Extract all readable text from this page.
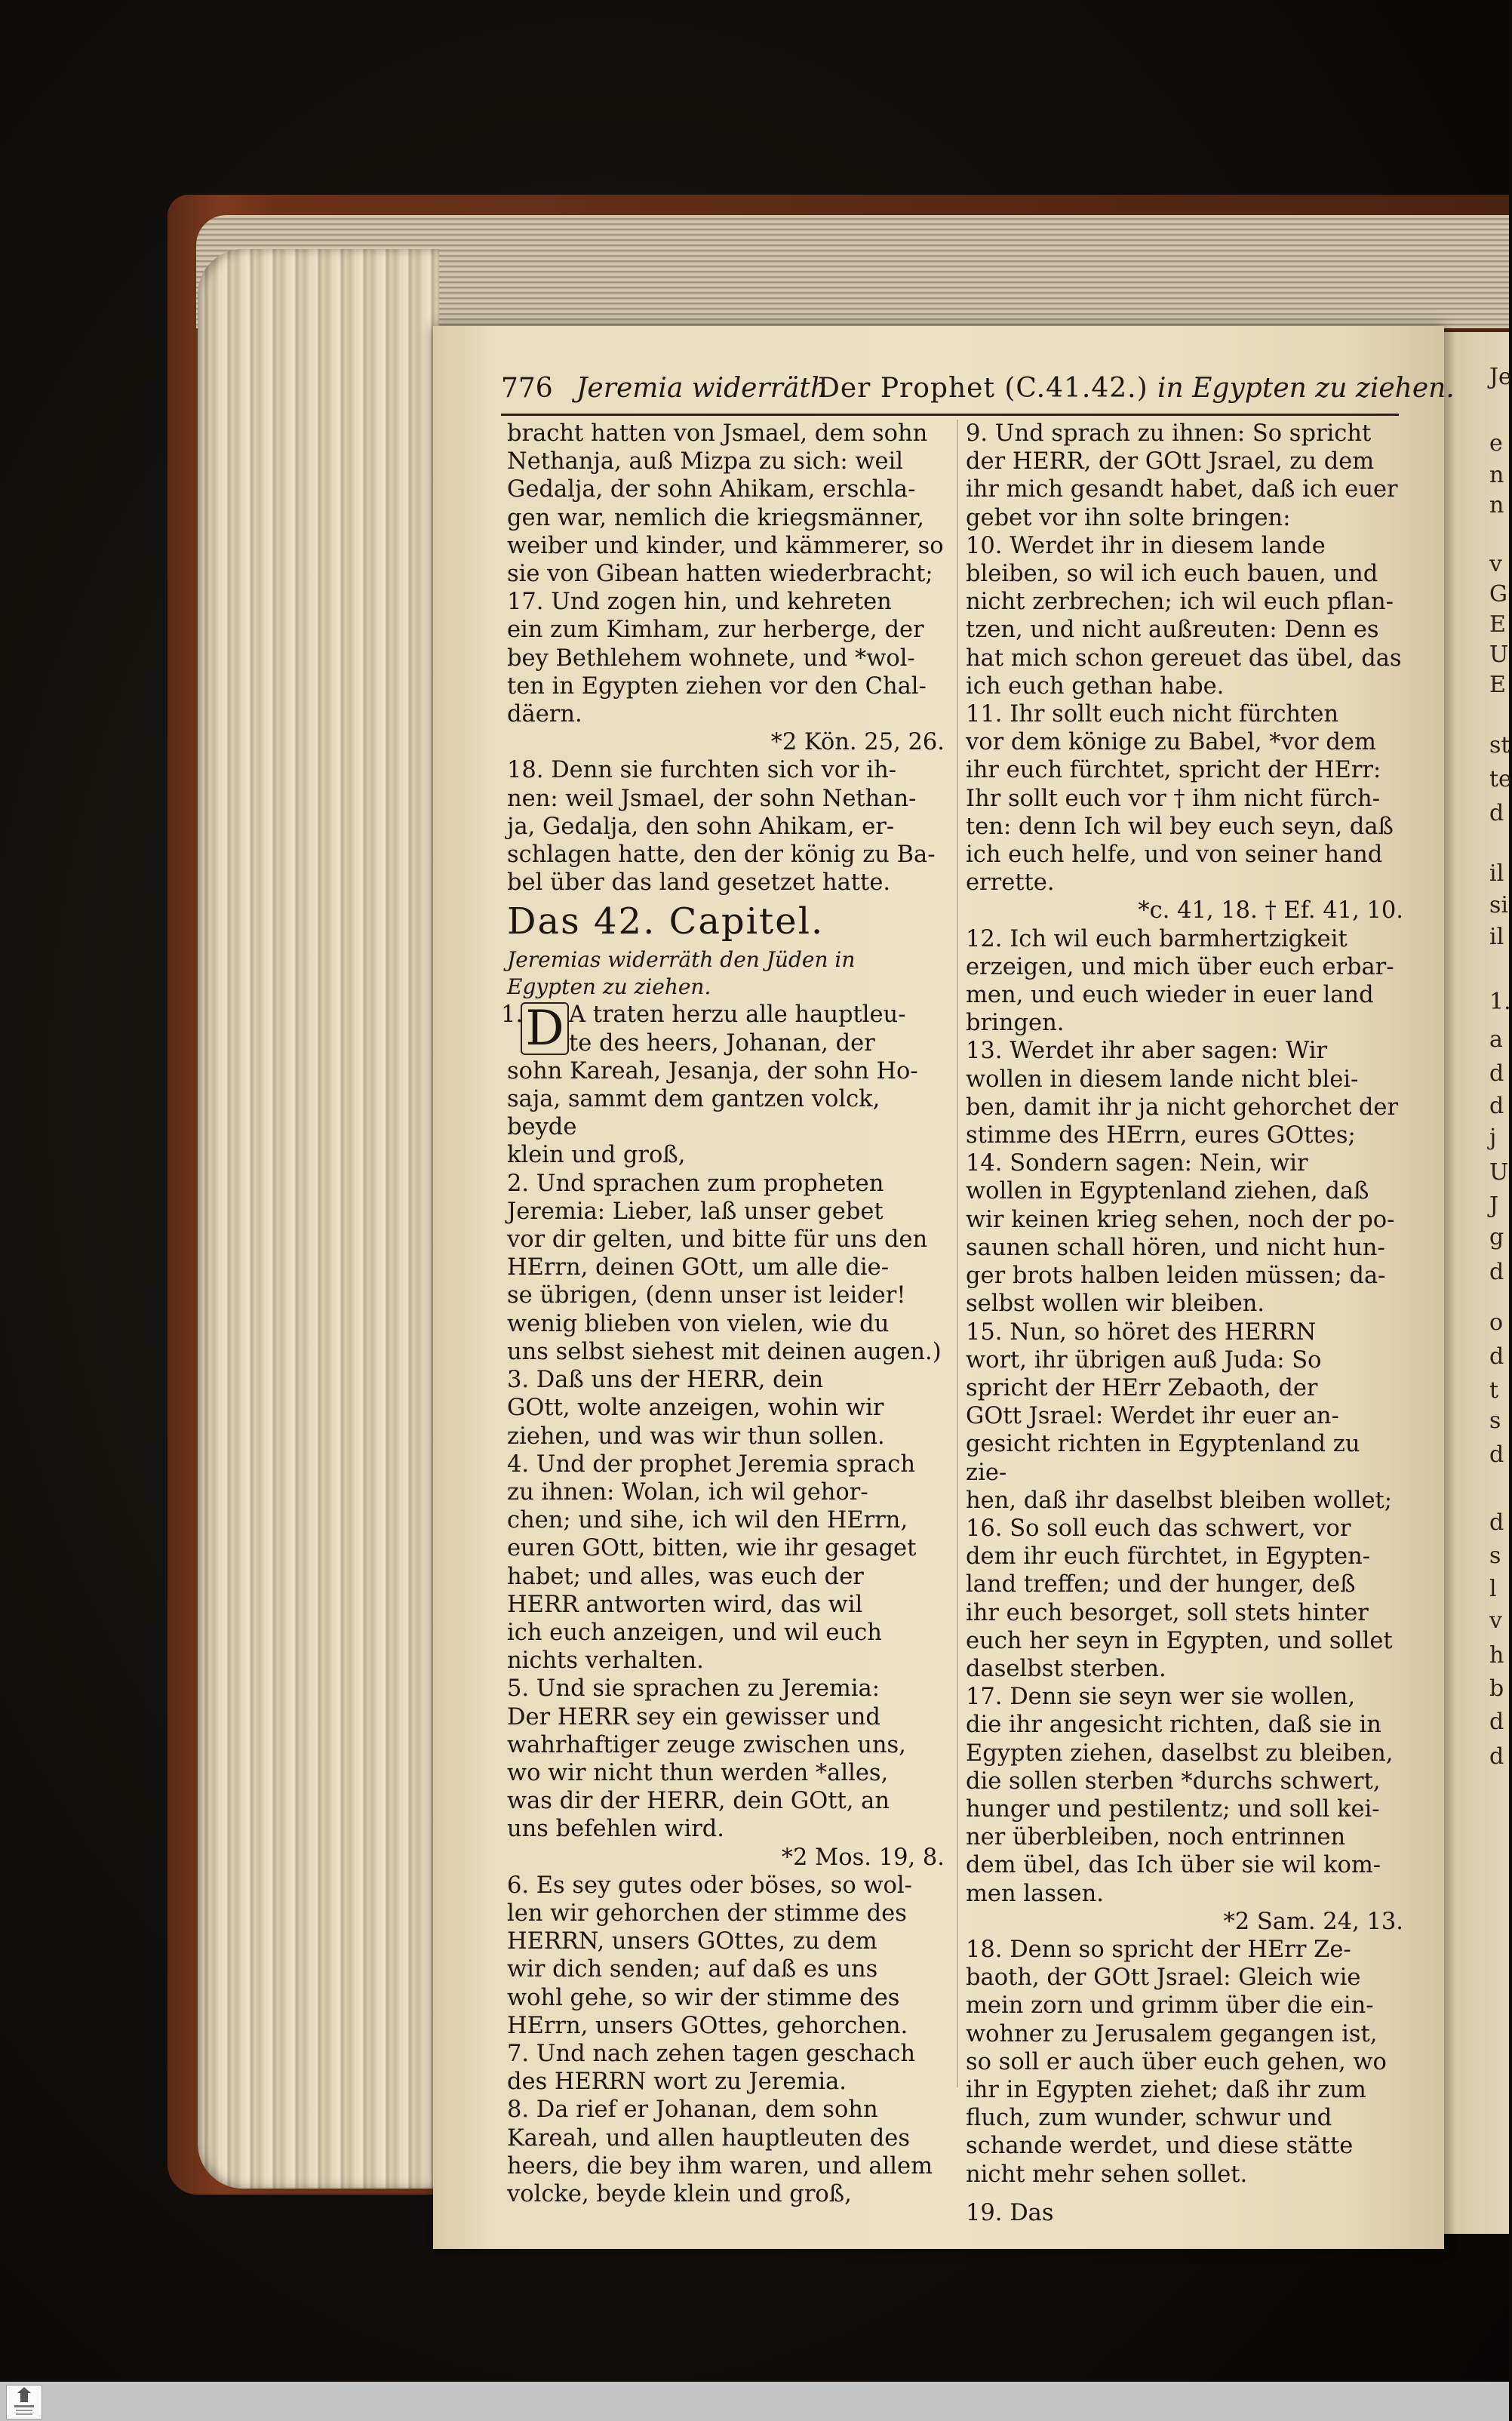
Je
e
n
n
v
G
E
U
E
st
te
d
il
si
il
1.
a
d
d
j
U
J
g
d
o
d
t
s
d
d
s
l
v
h
b
d
d
776 Jeremia widerräth
Der Prophet (C.41.42.) in Egypten zu ziehen.

bracht hatten von Jsmael, dem sohn
Nethanja, auß Mizpa zu sich: weil
Gedalja, der sohn Ahikam, erschla-
gen war, nemlich die kriegsmänner,
weiber und kinder, und kämmerer, so
sie von Gibean hatten wiederbracht;

17. Und zogen hin, und kehreten
ein zum Kimham, zur herberge, der
bey Bethlehem wohnete, und *wol-
ten in Egypten ziehen vor den Chal-
däern.

*2 Kön. 25, 26.

18. Denn sie furchten sich vor ih-
nen: weil Jsmael, der sohn Nethan-
ja, Gedalja, den sohn Ahikam, er-
schlagen hatte, den der könig zu Ba-
bel über das land gesetzet hatte.

Das 42. Capitel.

Jeremias widerräth den Jüden in
Egypten zu ziehen.

1. D A traten herzu alle hauptleu-
te des heers, Johanan, der

sohn Kareah, Jesanja, der sohn Ho-
saja, sammt dem gantzen volck, beyde
klein und groß,

2. Und sprachen zum propheten
Jeremia: Lieber, laß unser gebet
vor dir gelten, und bitte für uns den
HErrn, deinen GOtt, um alle die-
se übrigen, (denn unser ist leider!
wenig blieben von vielen, wie du
uns selbst siehest mit deinen augen.)

3. Daß uns der HERR, dein
GOtt, wolte anzeigen, wohin wir
ziehen, und was wir thun sollen.

4. Und der prophet Jeremia sprach
zu ihnen: Wolan, ich wil gehor-
chen; und sihe, ich wil den HErrn,
euren GOtt, bitten, wie ihr gesaget
habet; und alles, was euch der
HERR antworten wird, das wil
ich euch anzeigen, und wil euch
nichts verhalten.

5. Und sie sprachen zu Jeremia:
Der HERR sey ein gewisser und
wahrhaftiger zeuge zwischen uns,
wo wir nicht thun werden *alles,
was dir der HERR, dein GOtt, an
uns befehlen wird.

*2 Mos. 19, 8.

6. Es sey gutes oder böses, so wol-
len wir gehorchen der stimme des
HERRN, unsers GOttes, zu dem
wir dich senden; auf daß es uns
wohl gehe, so wir der stimme des
HErrn, unsers GOttes, gehorchen.

7. Und nach zehen tagen geschach
des HERRN wort zu Jeremia.

8. Da rief er Johanan, dem sohn
Kareah, und allen hauptleuten des
heers, die bey ihm waren, und allem
volcke, beyde klein und groß,

9. Und sprach zu ihnen: So spricht
der HERR, der GOtt Jsrael, zu dem
ihr mich gesandt habet, daß ich euer
gebet vor ihn solte bringen:

10. Werdet ihr in diesem lande
bleiben, so wil ich euch bauen, und
nicht zerbrechen; ich wil euch pflan-
tzen, und nicht außreuten: Denn es
hat mich schon gereuet das übel, das
ich euch gethan habe.

11. Ihr sollt euch nicht fürchten
vor dem könige zu Babel, *vor dem
ihr euch fürchtet, spricht der HErr:
Ihr sollt euch vor † ihm nicht fürch-
ten: denn Ich wil bey euch seyn, daß
ich euch helfe, und von seiner hand
errette.

*c. 41, 18. † Ef. 41, 10.

12. Ich wil euch barmhertzigkeit
erzeigen, und mich über euch erbar-
men, und euch wieder in euer land
bringen.

13. Werdet ihr aber sagen: Wir
wollen in diesem lande nicht blei-
ben, damit ihr ja nicht gehorchet der
stimme des HErrn, eures GOttes;

14. Sondern sagen: Nein, wir
wollen in Egyptenland ziehen, daß
wir keinen krieg sehen, noch der po-
saunen schall hören, und nicht hun-
ger brots halben leiden müssen; da-
selbst wollen wir bleiben.

15. Nun, so höret des HERRN
wort, ihr übrigen auß Juda: So
spricht der HErr Zebaoth, der
GOtt Jsrael: Werdet ihr euer an-
gesicht richten in Egyptenland zu zie-
hen, daß ihr daselbst bleiben wollet;

16. So soll euch das schwert, vor
dem ihr euch fürchtet, in Egypten-
land treffen; und der hunger, deß
ihr euch besorget, soll stets hinter
euch her seyn in Egypten, und sollet
daselbst sterben.

17. Denn sie seyn wer sie wollen,
die ihr angesicht richten, daß sie in
Egypten ziehen, daselbst zu bleiben,
die sollen sterben *durchs schwert,
hunger und pestilentz; und soll kei-
ner überbleiben, noch entrinnen
dem übel, das Ich über sie wil kom-
men lassen.

*2 Sam. 24, 13.

18. Denn so spricht der HErr Ze-
baoth, der GOtt Jsrael: Gleich wie
mein zorn und grimm über die ein-
wohner zu Jerusalem gegangen ist,
so soll er auch über euch gehen, wo
ihr in Egypten ziehet; daß ihr zum
fluch, zum wunder, schwur und
schande werdet, und diese stätte
nicht mehr sehen sollet.

19. Das
